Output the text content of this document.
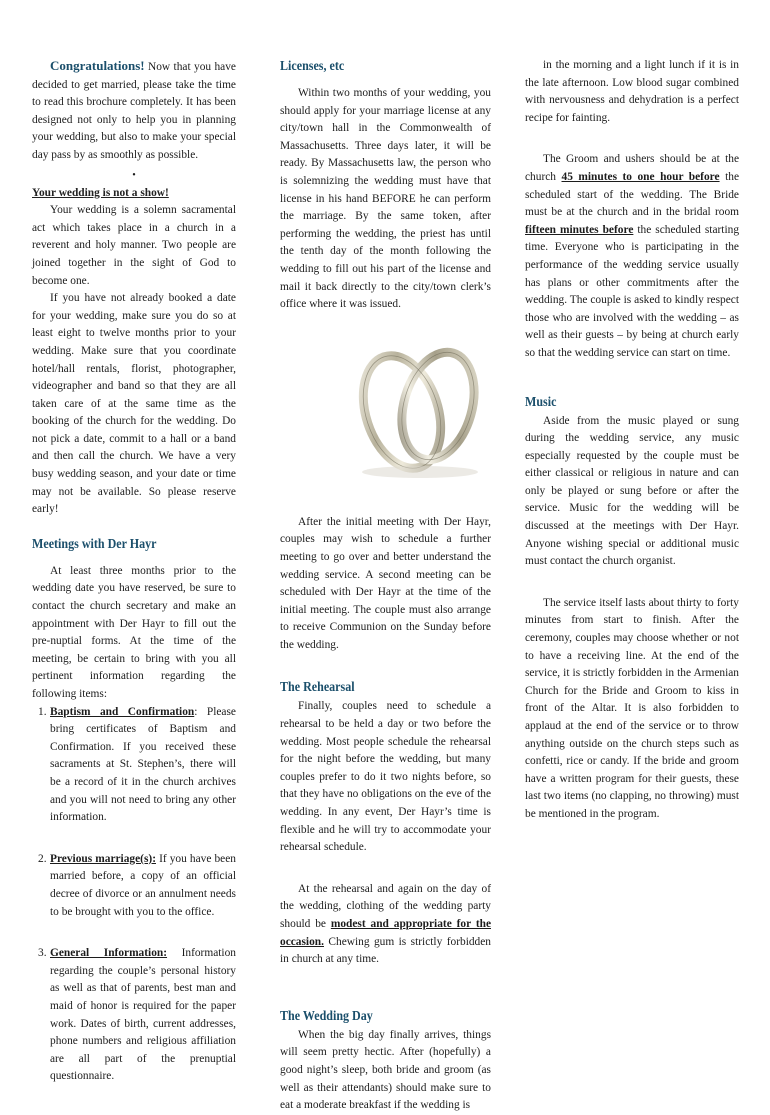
Congratulations! Now that you have decided to get married, please take the time to read this brochure completely. It has been designed not only to help you in planning your wedding, but also to make your special day pass by as smoothly as possible.

•

Your wedding is not a show!

Your wedding is a solemn sacramental act which takes place in a church in a reverent and holy manner. Two people are joined together in the sight of God to become one.

If you have not already booked a date for your wedding, make sure you do so at least eight to twelve months prior to your wedding. Make sure that you coordinate hotel/hall rentals, florist, photographer, videographer and band so that they are all taken care of at the same time as the booking of the church for the wedding. Do not pick a date, commit to a hall or a band and then call the church. We have a very busy wedding season, and your date or time may not be available. So please reserve early!

Meetings with Der Hayr

At least three months prior to the wedding date you have reserved, be sure to contact the church secretary and make an appointment with Der Hayr to fill out the pre-nuptial forms. At the time of the meeting, be certain to bring with you all pertinent information regarding the following items:

1. Baptism and Confirmation: Please bring certificates of Baptism and Confirmation. If you received these sacraments at St. Stephen’s, there will be a record of it in the church archives and you will not need to bring any other information.
2. Previous marriage(s): If you have been married before, a copy of an official decree of divorce or an annulment needs to be brought with you to the office.
3. General Information: Information regarding the couple’s personal history as well as that of parents, best man and maid of honor is required for the paper work. Dates of birth, current addresses, phone numbers and religious affiliation are all part of the prenuptial questionnaire.
Licenses, etc

Within two months of your wedding, you should apply for your marriage license at any city/town hall in the Commonwealth of Massachusetts. Three days later, it will be ready. By Massachusetts law, the person who is solemnizing the wedding must have that license in his hand BEFORE he can perform the marriage. By the same token, after performing the wedding, the priest has until the tenth day of the month following the wedding to fill out his part of the license and mail it back directly to the city/town clerk’s office where it was issued.

After the initial meeting with Der Hayr, couples may wish to schedule a further meeting to go over and better understand the wedding service. A second meeting can be scheduled with Der Hayr at the time of the initial meeting. The couple must also arrange to receive Communion on the Sunday before the wedding.

The Rehearsal

Finally, couples need to schedule a rehearsal to be held a day or two before the wedding. Most people schedule the rehearsal for the night before the wedding, but many couples prefer to do it two nights before, so that they have no obligations on the eve of the wedding. In any event, Der Hayr’s time is flexible and he will try to accommodate your rehearsal schedule.

At the rehearsal and again on the day of the wedding, clothing of the wedding party should be modest and appropriate for the occasion. Chewing gum is strictly forbidden in church at any time.

The Wedding Day

When the big day finally arrives, things will seem pretty hectic. After (hopefully) a good night’s sleep, both bride and groom (as well as their attendants) should make sure to eat a moderate breakfast if the wedding is

in the morning and a light lunch if it is in the late afternoon. Low blood sugar combined with nervousness and dehydration is a perfect recipe for fainting.

The Groom and ushers should be at the church 45 minutes to one hour before the scheduled start of the wedding. The Bride must be at the church and in the bridal room fifteen minutes before the scheduled starting time. Everyone who is participating in the performance of the wedding service usually has plans or other commitments after the wedding. The couple is asked to kindly respect those who are involved with the wedding – as well as their guests – by being at church early so that the wedding service can start on time.

Music

Aside from the music played or sung during the wedding service, any music especially requested by the couple must be either classical or religious in nature and can only be played or sung before or after the service. Music for the wedding will be discussed at the meetings with Der Hayr. Anyone wishing special or additional music must contact the church organist.

The service itself lasts about thirty to forty minutes from start to finish. After the ceremony, couples may choose whether or not to have a receiving line. At the end of the service, it is strictly forbidden in the Armenian Church for the Bride and Groom to kiss in front of the Altar. It is also forbidden to applaud at the end of the service or to throw anything outside on the church steps such as confetti, rice or candy. If the bride and groom have a written program for their guests, these last two items (no clapping, no throwing) must be mentioned in the program.
